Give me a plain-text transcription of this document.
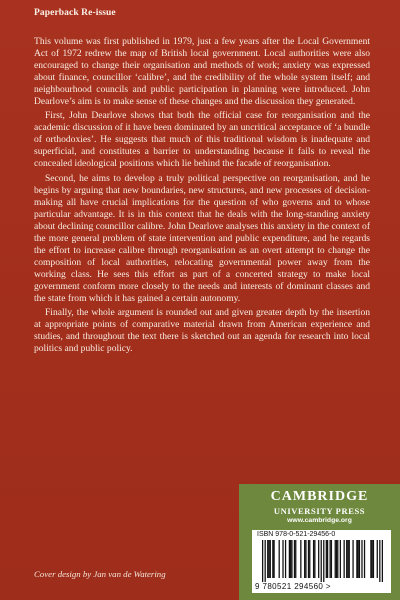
Paperback Re-issue

This volume was first published in 1979, just a few years after the Local Government Act of 1972 redrew the map of British local government. Local authorities were also encouraged to change their organisation and methods of work; anxiety was expressed about finance, councillor ‘calibre’, and the credibility of the whole system itself; and neighbourhood councils and public participation in planning were introduced. John Dearlove’s aim is to make sense of these changes and the discussion they generated.

First, John Dearlove shows that both the official case for reorganisation and the academic discussion of it have been dominated by an uncritical acceptance of ‘a bundle of orthodoxies’. He suggests that much of this traditional wisdom is inadequate and superficial, and constitutes a barrier to understanding because it fails to reveal the concealed ideological positions which lie behind the facade of reorganisation.

Second, he aims to develop a truly political perspective on reorganisation, and he begins by arguing that new boundaries, new structures, and new processes of decision-making all have crucial implications for the question of who governs and to whose particular advantage. It is in this context that he deals with the long-standing anxiety about declining councillor calibre. John Dearlove analyses this anxiety in the context of the more general problem of state intervention and public expenditure, and he regards the effort to increase calibre through reorganisation as an overt attempt to change the composition of local authorities, relocating governmental power away from the working class. He sees this effort as part of a concerted strategy to make local government conform more closely to the needs and interests of dominant classes and the state from which it has gained a certain autonomy.

Finally, the whole argument is rounded out and given greater depth by the insertion at appropriate points of comparative material drawn from American experience and studies, and throughout the text there is sketched out an agenda for research into local politics and public policy.

Cover design by Jan van de Watering
CAMBRIDGE
UNIVERSITY PRESS
www.cambridge.org
ISBN 978-0-521-29456-0
9 780521 294560 >
